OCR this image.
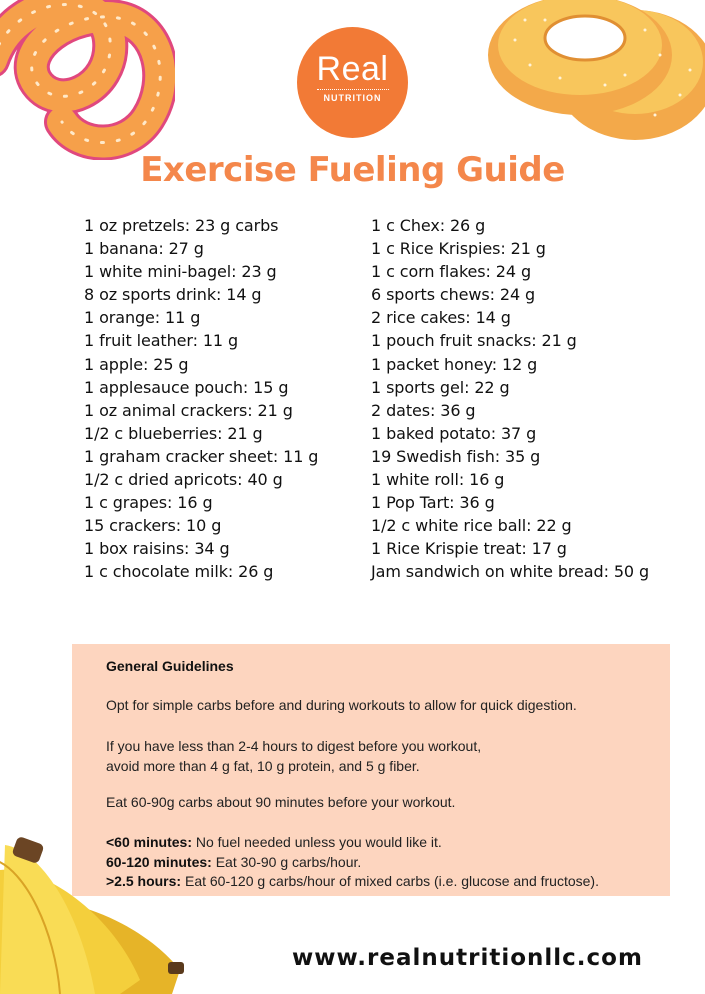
Real
NUTRITION
Exercise Fueling Guide
1 oz pretzels: 23 g carbs
1 banana: 27 g
1 white mini-bagel: 23 g
8 oz sports drink: 14 g
1 orange: 11 g
1 fruit leather: 11 g
1 apple: 25 g
1 applesauce pouch: 15 g
1 oz animal crackers: 21 g
1/2 c blueberries: 21 g
1 graham cracker sheet: 11 g
1/2 c dried apricots: 40 g
1 c grapes: 16 g
15 crackers: 10 g
1 box raisins: 34 g
1 c chocolate milk: 26 g
1 c Chex: 26 g
1 c Rice Krispies: 21 g
1 c corn flakes: 24 g
6 sports chews: 24 g
2 rice cakes: 14 g
1 pouch fruit snacks: 21 g
1 packet honey: 12 g
1 sports gel: 22 g
2 dates: 36 g
1 baked potato: 37 g
19 Swedish fish: 35 g
1 white roll: 16 g
1 Pop Tart: 36 g
1/2 c white rice ball: 22 g
1 Rice Krispie treat: 17 g
Jam sandwich on white bread: 50 g
General Guidelines

Opt for simple carbs before and during workouts to allow for quick digestion.

If you have less than 2-4 hours to digest before you workout,
avoid more than 4 g fat, 10 g protein, and 5 g fiber.

Eat 60-90g carbs about 90 minutes before your workout.

<60 minutes: No fuel needed unless you would like it.
60-120 minutes: Eat 30-90 g carbs/hour.
>2.5 hours: Eat 60-120 g carbs/hour of mixed carbs (i.e. glucose and fructose).

www.realnutritionllc.com
